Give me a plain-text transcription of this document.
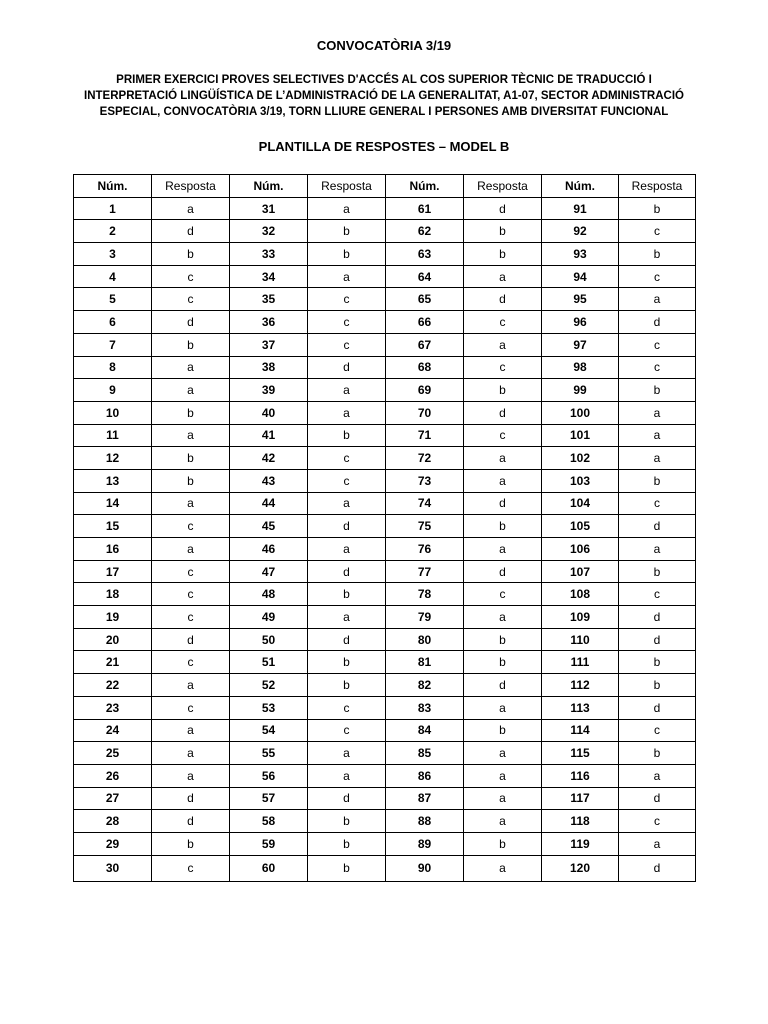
CONVOCATÒRIA 3/19
PRIMER EXERCICI PROVES SELECTIVES D'ACCÉS AL COS SUPERIOR TÈCNIC DE TRADUCCIÓ I
INTERPRETACIÓ LINGÜÍSTICA DE L’ADMINISTRACIÓ DE LA GENERALITAT, A1-07, SECTOR ADMINISTRACIÓ
ESPECIAL, CONVOCATÒRIA 3/19, TORN LLIURE GENERAL I PERSONES AMB DIVERSITAT FUNCIONAL
PLANTILLA DE RESPOSTES – MODEL B
Núm.	Resposta	Núm.	Resposta	Núm.	Resposta	Núm.	Resposta
1	a	31	a	61	d	91	b
2	d	32	b	62	b	92	c
3	b	33	b	63	b	93	b
4	c	34	a	64	a	94	c
5	c	35	c	65	d	95	a
6	d	36	c	66	c	96	d
7	b	37	c	67	a	97	c
8	a	38	d	68	c	98	c
9	a	39	a	69	b	99	b
10	b	40	a	70	d	100	a
11	a	41	b	71	c	101	a
12	b	42	c	72	a	102	a
13	b	43	c	73	a	103	b
14	a	44	a	74	d	104	c
15	c	45	d	75	b	105	d
16	a	46	a	76	a	106	a
17	c	47	d	77	d	107	b
18	c	48	b	78	c	108	c
19	c	49	a	79	a	109	d
20	d	50	d	80	b	110	d
21	c	51	b	81	b	111	b
22	a	52	b	82	d	112	b
23	c	53	c	83	a	113	d
24	a	54	c	84	b	114	c
25	a	55	a	85	a	115	b
26	a	56	a	86	a	116	a
27	d	57	d	87	a	117	d
28	d	58	b	88	a	118	c
29	b	59	b	89	b	119	a
30	c	60	b	90	a	120	d
